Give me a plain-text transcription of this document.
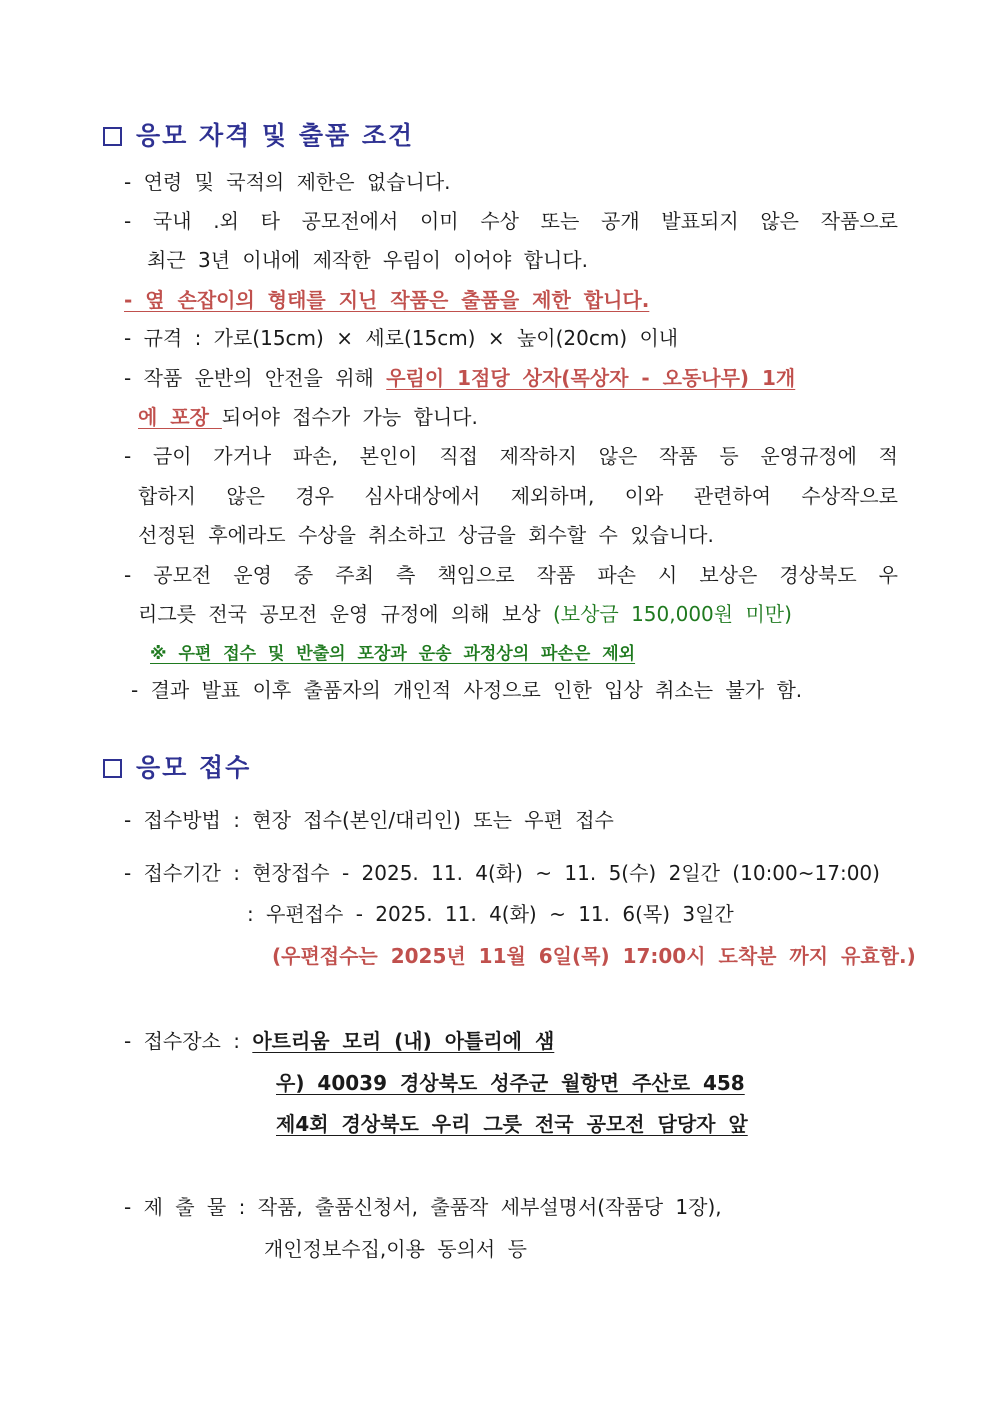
응모 자격 및 출품 조건
- 연령 및 국적의 제한은 없습니다.
- 국내 .외 타 공모전에서 이미 수상 또는 공개 발표되지 않은 작품으로
최근 3년 이내에 제작한 우림이 이어야 합니다.
- 옆 손잡이의 형태를 지닌 작품은 출품을 제한 합니다.
- 규격 : 가로(15cm) × 세로(15cm) × 높이(20cm) 이내
- 작품 운반의 안전을 위해 우림이 1점당 상자(목상자 - 오동나무) 1개
에 포장 되어야 접수가 가능 합니다.
- 금이 가거나 파손, 본인이 직접 제작하지 않은 작품 등 운영규정에 적
합하지 않은 경우 심사대상에서 제외하며, 이와 관련하여 수상작으로
선정된 후에라도 수상을 취소하고 상금을 회수할 수 있습니다.
- 공모전 운영 중 주최 측 책임으로 작품 파손 시 보상은 경상북도 우
리그릇 전국 공모전 운영 규정에 의해 보상 (보상금 150,000원 미만)
※ 우편 접수 및 반출의 포장과 운송 과정상의 파손은 제외
- 결과 발표 이후 출품자의 개인적 사정으로 인한 입상 취소는 불가 함.
응모 접수
- 접수방법 : 현장 접수(본인/대리인) 또는 우편 접수
- 접수기간 : 현장접수 - 2025. 11. 4(화) ~ 11. 5(수) 2일간 (10:00~17:00)
: 우편접수 - 2025. 11. 4(화) ~ 11. 6(목) 3일간
(우편접수는 2025년 11월 6일(목) 17:00시 도착분 까지 유효함.)
- 접수장소 : 아트리움 모리 (내) 아틀리에 샘
우) 40039 경상북도 성주군 월항면 주산로 458
제4회 경상북도 우리 그릇 전국 공모전 담당자 앞
- 제 출 물 : 작품, 출품신청서, 출품작 세부설명서(작품당 1장),
개인정보수집,이용 동의서 등
